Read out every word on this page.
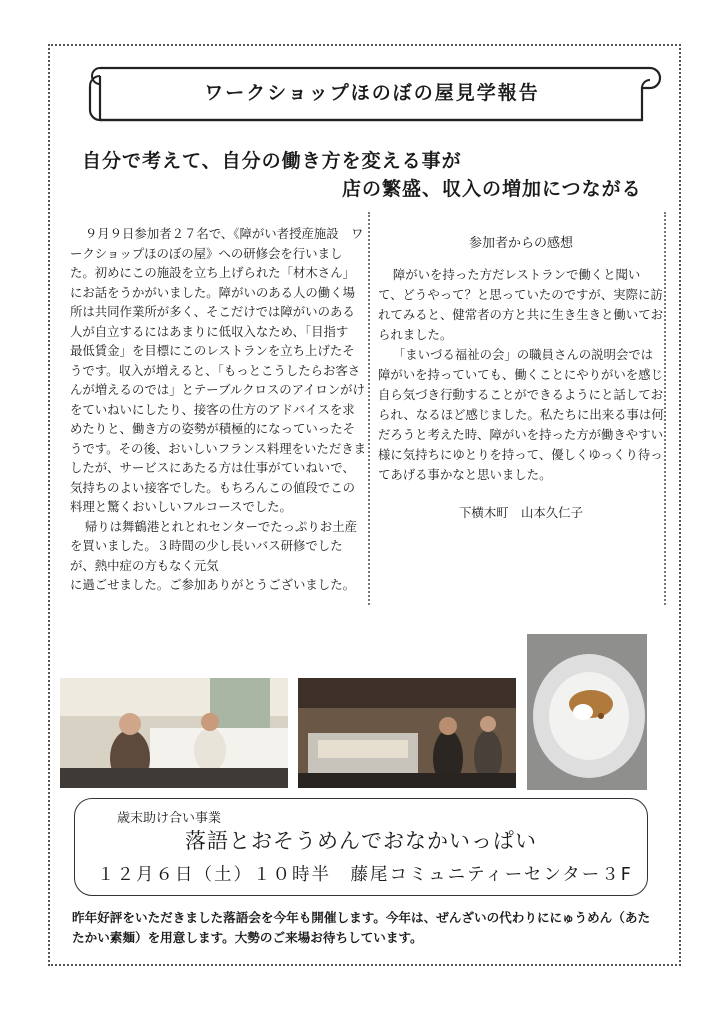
ワークショップほのぼの屋見学報告
自分で考えて、自分の働き方を変える事が
店の繁盛、収入の増加につながる

９月９日参加者２７名で、《障がい者授産施設　ワークショップほのぼの屋》への研修会を行いました。初めにこの施設を立ち上げられた「材木さん」にお話をうかがいました。障がいのある人の働く場所は共同作業所が多く、そこだけでは障がいのある人が自立するにはあまりに低収入なため、「目指す　最低賃金」を目標にこのレストランを立ち上げたそうです。収入が増えると、「もっとこうしたらお客さんが増えるのでは」とテーブルクロスのアイロンがけをていねいにしたり、接客の仕方のアドバイスを求めたりと、働き方の姿勢が積極的になっていったそうです。その後、おいしいフランス料理をいただきましたが、サービスにあたる方は仕事がていねいで、気持ちのよい接客でした。もちろんこの値段でこの料理と驚くおいしいフルコースでした。

帰りは舞鶴港とれとれセンターでたっぷりお土産を買いました。３時間の少し長いバス研修でしたが、熱中症の方もなく元気

に過ごせました。ご参加ありがとうございました。

参加者からの感想

障がいを持った方だレストランで働くと聞いて、どうやって？と思っていたのですが、実際に訪れてみると、健常者の方と共に生き生きと働いておられました。

「まいづる福祉の会」の職員さんの説明会では障がいを持っていても、働くことにやりがいを感じ自ら気づき行動することができるようにと話しておられ、なるほど感じました。私たちに出来る事は何だろうと考えた時、障がいを持った方が働きやすい様に気持ちにゆとりを持って、優しくゆっくり待ってあげる事かなと思いました。

下横木町　山本久仁子

歳末助け合い事業
落語とおそうめんでおなかいっぱい
１２月６日（土）１０時半　藤尾コミュニティーセンター３F
昨年好評をいただきました落語会を今年も開催します。今年は、ぜんざいの代わりににゅうめん（あたたかい素麺）を用意します。大勢のご来場お待ちしています。
